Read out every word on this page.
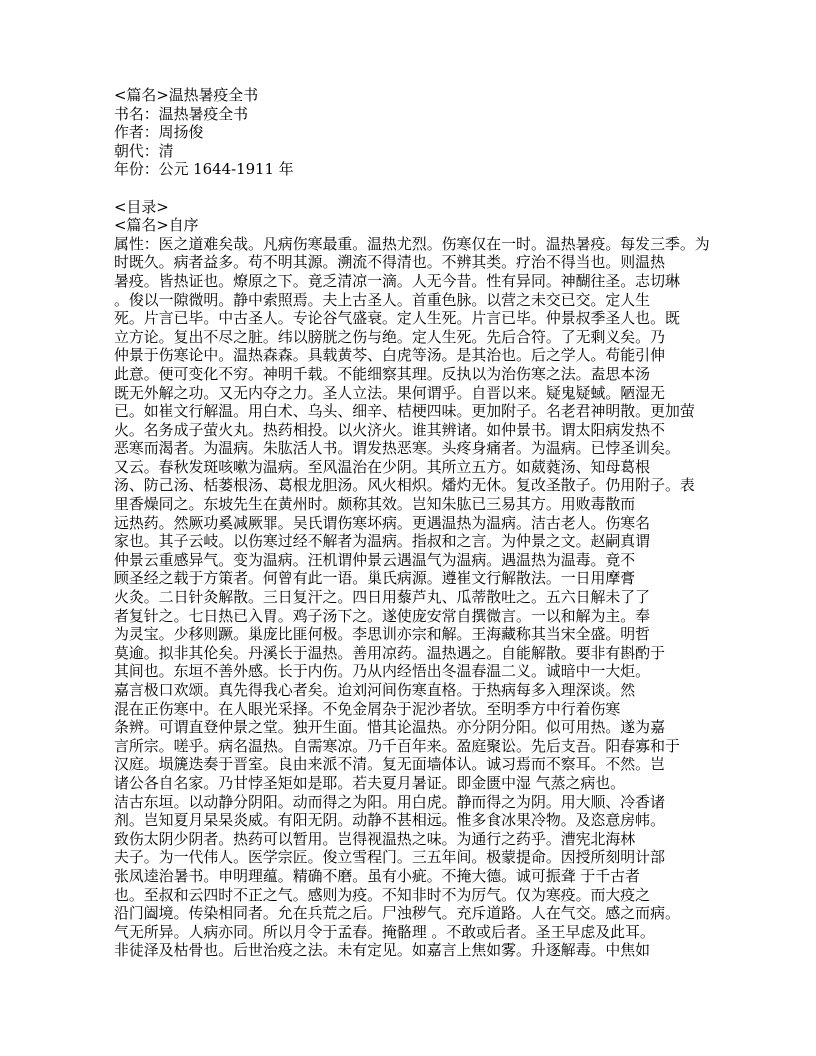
<篇名>温热暑疫全书
书名：温热暑疫全书
作者：周扬俊
朝代：清
年份：公元 1644-1911 年
<目录>
<篇名>自序
属性：医之道难矣哉。凡病伤寒最重。温热尤烈。伤寒仅在一时。温热暑疫。每发三季。为
时既久。病者益多。苟不明其源。溯流不得清也。不辨其类。疗治不得当也。则温热
暑疫。皆热证也。燎原之下。竟乏清凉一滴。人无今昔。性有异同。神醐往圣。志切琳
。俊以一隙微明。静中索照焉。夫上古圣人。首重色脉。以营之未交已交。定人生
死。片言已毕。中古圣人。专论谷气盛衰。定人生死。片言已毕。仲景叔季圣人也。既
立方论。复出不尽之脏。纬以膀胱之伤与绝。定人生死。先后合符。了无剩义矣。乃
仲景于伤寒论中。温热森森。具载黄芩、白虎等汤。是其治也。后之学人。苟能引伸
此意。便可变化不穷。神明千载。不能细察其理。反执以为治伤寒之法。盍思本汤
既无外解之功。又无内夺之力。圣人立法。果何谓乎。自晋以来。疑鬼疑蜮。陋湿无
已。如崔文行解温。用白术、乌头、细辛、桔梗四味。更加附子。名老君神明散。更加萤
火。名务成子萤火丸。热药相投。以火济火。谁其辨诸。如仲景书。谓太阳病发热不
恶寒而渴者。为温病。朱肱活人书。谓发热恶寒。头疼身痛者。为温病。已悖圣训矣。
又云。春秋发斑咳嗽为温病。至风温治在少阴。其所立五方。如葳蕤汤、知母葛根
汤、防己汤、栝蒌根汤、葛根龙胆汤。风火相炽。燔灼无休。复改圣散子。仍用附子。表
里香燥同之。东坡先生在黄州时。颇称其效。岂知朱肱已三易其方。用败毒散而
远热药。然厥功奚减厥罪。吴氏谓伤寒坏病。更遇温热为温病。洁古老人。伤寒名
家也。其子云岐。以伤寒过经不解者为温病。指叔和之言。为仲景之文。赵嗣真谓
仲景云重感异气。变为温病。汪机谓仲景云遇温气为温病。遇温热为温毒。竟不
顾圣经之载于方策者。何曾有此一语。巢氏病源。遵崔文行解散法。一日用摩膏
火灸。二日针灸解散。三日复汗之。四日用藜芦丸、瓜蒂散吐之。五六日解未了了
者复针之。七日热已入胃。鸡子汤下之。遂使庞安常自撰微言。一以和解为主。奉
为灵宝。少移则蹶。巢庞比匪何极。李思训亦宗和解。王海藏称其当宋全盛。明哲
莫逾。拟非其伦矣。丹溪长于温热。善用凉药。温热遇之。自能解散。要非有斟酌于
其间也。东垣不善外感。长于内伤。乃从内经悟出冬温春温二义。诚暗中一大炬。
嘉言极口欢颂。真先得我心者矣。迨刘河间伤寒直格。于热病每多入理深谈。然
混在正伤寒中。在人眼光采择。不免金屑杂于泥沙者欤。至明季方中行着伤寒
条辨。可谓直登仲景之堂。独开生面。惜其论温热。亦分阴分阳。似可用热。遂为嘉
言所宗。嗟乎。病名温热。自需寒凉。乃千百年来。盈庭聚讼。先后支吾。阳春寡和于
汉庭。埙篪迭奏于晋室。良由来派不清。复无面墙体认。诚习焉而不察耳。不然。岂
诸公各自名家。乃甘悖圣矩如是耶。若夫夏月暑证。即金匮中湿 气蒸之病也。
洁古东垣。以动静分阴阳。动而得之为阳。用白虎。静而得之为阴。用大顺、冷香诸
剂。岂知夏月杲杲炎威。有阳无阴。动静不甚相远。惟多食冰果冷物。及恣意房帏。
致伤太阴少阴者。热药可以暂用。岂得视温热之味。为通行之药乎。漕宪北海林
夫子。为一代伟人。医学宗匠。俊立雪程门。三五年间。极蒙提命。因授所刻明计部
张凤逵治暑书。申明理蕴。精确不磨。虽有小疵。不掩大德。诚可振聋 于千古者
也。至叔和云四时不正之气。感则为疫。不知非时不为厉气。仅为寒疫。而大疫之
沿门阖境。传染相同者。允在兵荒之后。尸浊秽气。充斥道路。人在气交。感之而病。
气无所异。人病亦同。所以月令于孟春。掩骼理 。不敢或后者。圣王早虑及此耳。
非徒泽及枯骨也。后世治疫之法。未有定见。如嘉言上焦如雾。升逐解毒。中焦如
